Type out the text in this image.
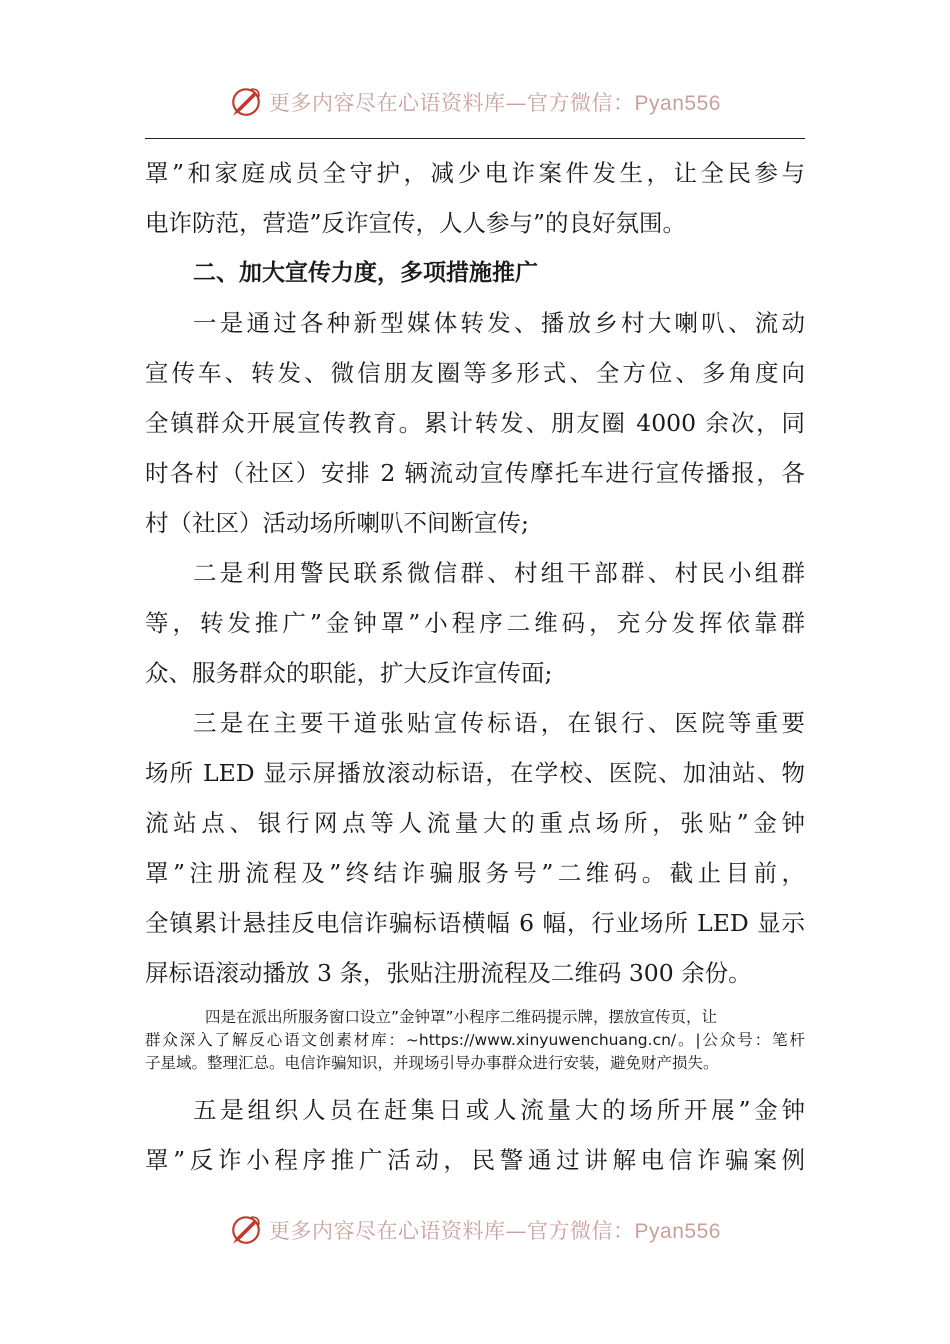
更多内容尽在心语资料库—官方微信：Pyan556
罩”和家庭成员全守护，减少电诈案件发生，让全民参与
电诈防范，营造”反诈宣传，人人参与”的良好氛围。
二、加大宣传力度，多项措施推广
一是通过各种新型媒体转发、播放乡村大喇叭、流动
宣传车、转发、微信朋友圈等多形式、全方位、多角度向
全镇群众开展宣传教育。累计转发、朋友圈 4000 余次，同
时各村（社区）安排 2 辆流动宣传摩托车进行宣传播报，各
村（社区）活动场所喇叭不间断宣传;
二是利用警民联系微信群、村组干部群、村民小组群
等，转发推广”金钟罩”小程序二维码，充分发挥依靠群
众、服务群众的职能，扩大反诈宣传面;
三是在主要干道张贴宣传标语，在银行、医院等重要
场所 LED 显示屏播放滚动标语，在学校、医院、加油站、物
流站点、银行网点等人流量大的重点场所，张贴”金钟
罩”注册流程及”终结诈骗服务号”二维码。截止目前，
全镇累计悬挂反电信诈骗标语横幅 6 幅，行业场所 LED 显示
屏标语滚动播放 3 条，张贴注册流程及二维码 300 余份。
四是在派出所服务窗口设立”金钟罩”小程序二维码提示牌，摆放宣传页，让
群众深入了解反心语文创素材库：~https://www.xinyuwenchuang.cn/。|公众号：笔杆
子星域。整理汇总。电信诈骗知识，并现场引导办事群众进行安装，避免财产损失。
五是组织人员在赶集日或人流量大的场所开展”金钟
罩”反诈小程序推广活动，民警通过讲解电信诈骗案例
更多内容尽在心语资料库—官方微信：Pyan556
